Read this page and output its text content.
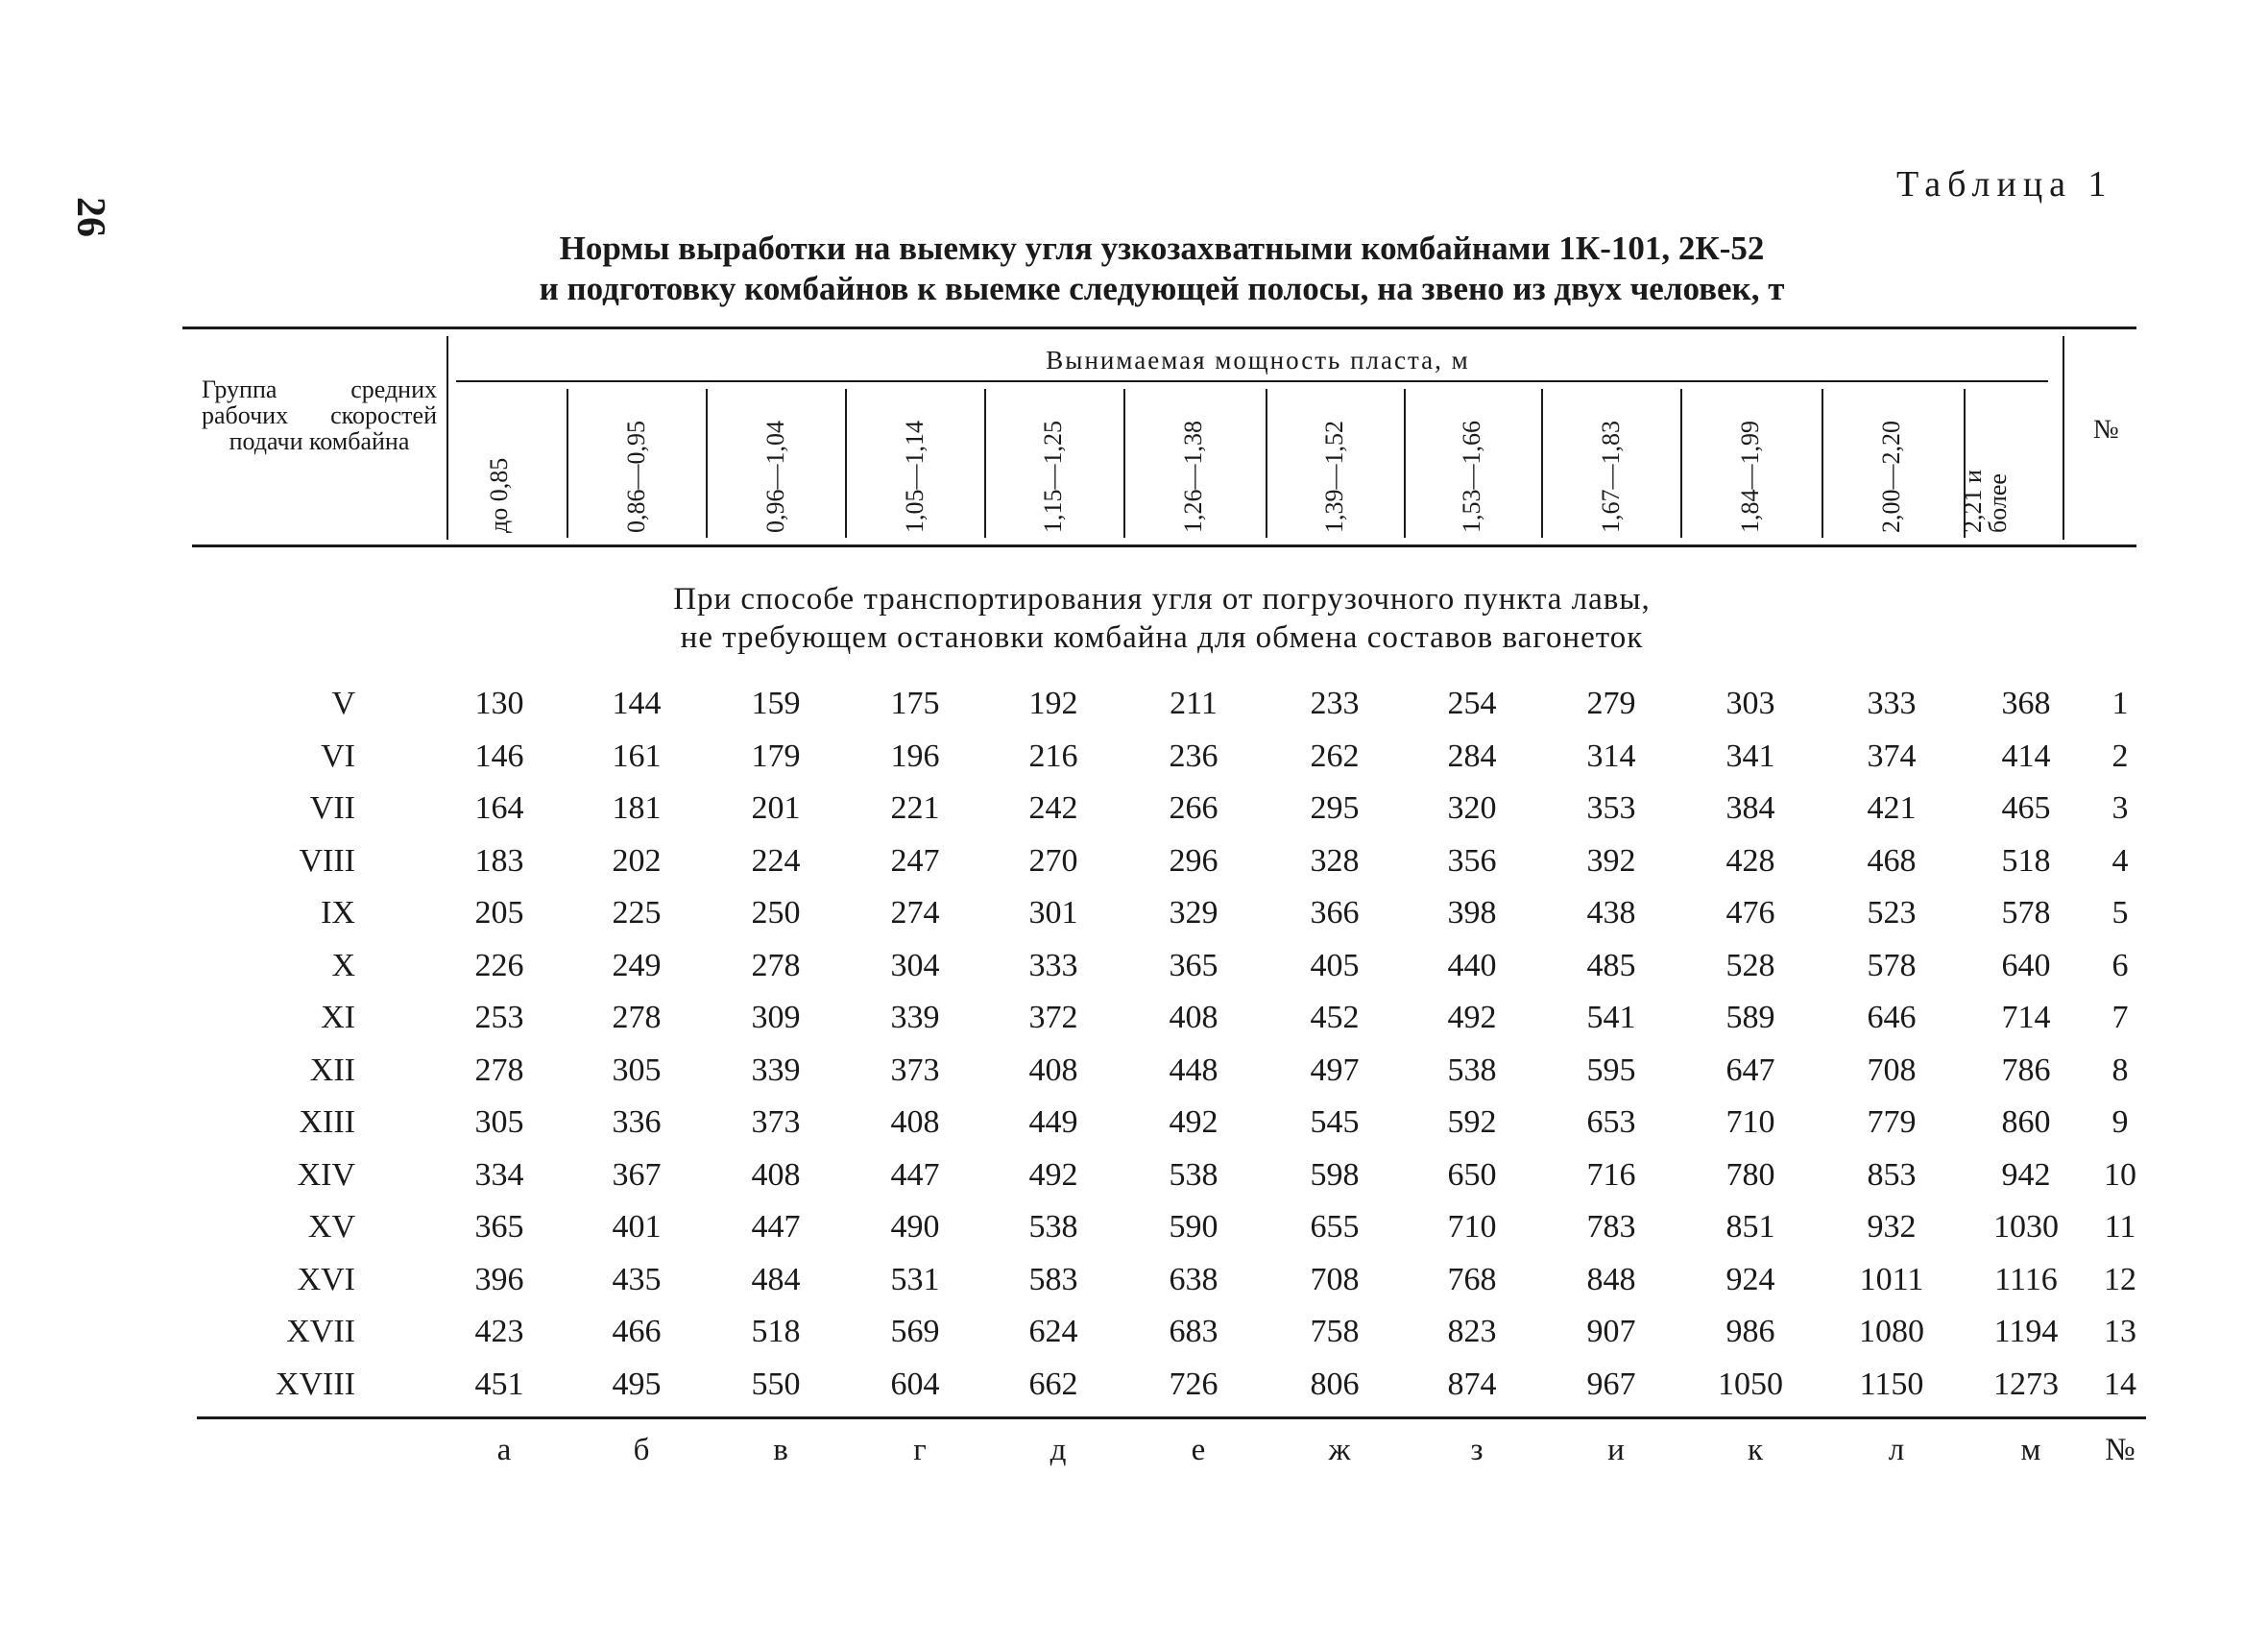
26
Таблица 1
Нормы выработки на выемку угля узкозахватными комбайнами 1К-101, 2К-52
и подготовку комбайнов к выемке следующей полосы, на звено из двух человек, т
Группа средних рабочих скоростей подачи комбайна
Вынимаемая мощность пласта, м
до 0,85	0,86—0,95	0,96—1,04	1,05—1,14	1,15—1,25	1,26—1,38	1,39—1,52	1,53—1,66	1,67—1,83	1,84—1,99	2,00—2,20 2,21 и более
№
При способе транспортирования угля от погрузочного пункта лавы,
не требующем остановки комбайна для обмена составов вагонеток
V	130	144	159	175	192	211	233	254	279	303	333	368	1
VI	146	161	179	196	216	236	262	284	314	341	374	414	2
VII	164	181	201	221	242	266	295	320	353	384	421	465	3
VIII	183	202	224	247	270	296	328	356	392	428	468	518	4
IX	205	225	250	274	301	329	366	398	438	476	523	578	5
X	226	249	278	304	333	365	405	440	485	528	578	640	6
XI	253	278	309	339	372	408	452	492	541	589	646	714	7
XII	278	305	339	373	408	448	497	538	595	647	708	786	8
XIII	305	336	373	408	449	492	545	592	653	710	779	860	9
XIV	334	367	408	447	492	538	598	650	716	780	853	942	10
XV	365	401	447	490	538	590	655	710	783	851	932	1030	11
XVI	396	435	484	531	583	638	708	768	848	924	1011	1116	12
XVII	423	466	518	569	624	683	758	823	907	986	1080	1194	13
XVIII	451	495	550	604	662	726	806	874	967	1050	1150	1273	14
а	б	в	г	д	е	ж	з	и	к	л	м	№
